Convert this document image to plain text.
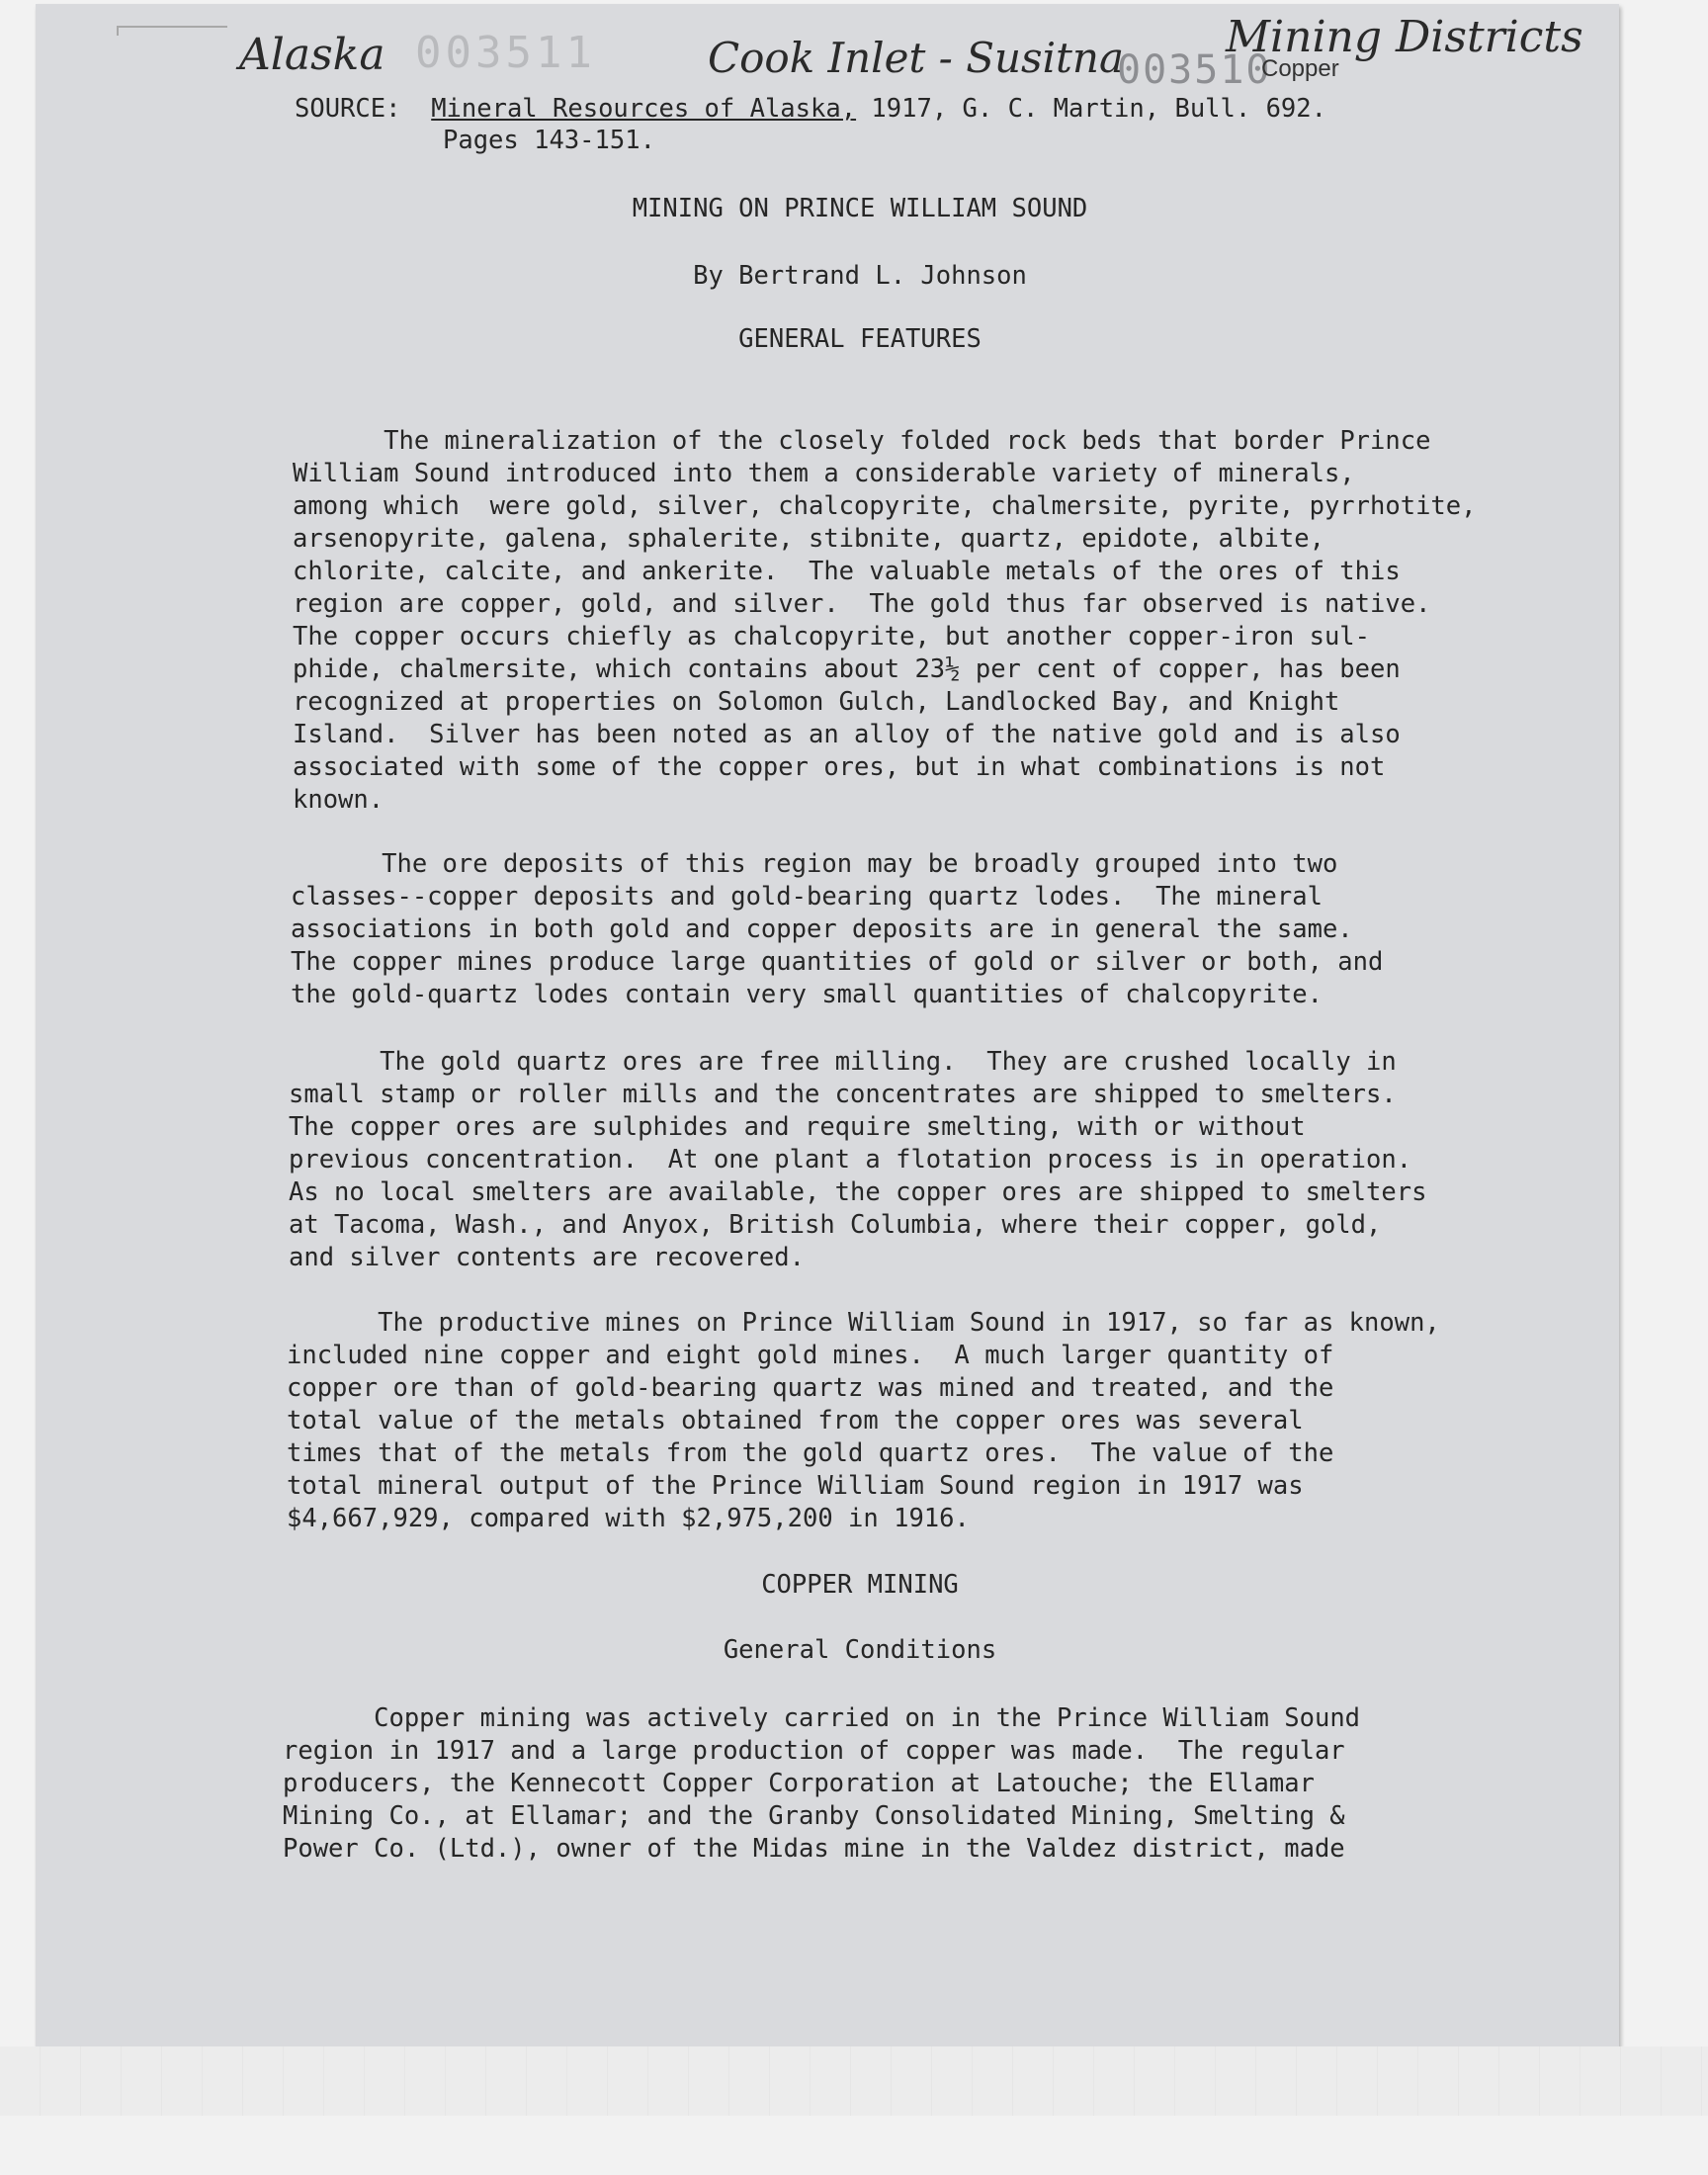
Alaska 003511	Cook Inlet - Susitna
003510
Mining Districts
Copper
SOURCE: Mineral Resources of Alaska, 1917, G. C. Martin, Bull. 692.
Pages 143-151.
MINING ON PRINCE WILLIAM SOUND
By Bertrand L. Johnson
GENERAL FEATURES
The mineralization of the closely folded rock beds that border Prince
William Sound introduced into them a considerable variety of minerals,
among which  were gold, silver, chalcopyrite, chalmersite, pyrite, pyrrhotite,
arsenopyrite, galena, sphalerite, stibnite, quartz, epidote, albite,
chlorite, calcite, and ankerite.  The valuable metals of the ores of this
region are copper, gold, and silver.  The gold thus far observed is native.
The copper occurs chiefly as chalcopyrite, but another copper-iron sul-
phide, chalmersite, which contains about 23½ per cent of copper, has been
recognized at properties on Solomon Gulch, Landlocked Bay, and Knight
Island.  Silver has been noted as an alloy of the native gold and is also
associated with some of the copper ores, but in what combinations is not
known.
The ore deposits of this region may be broadly grouped into two
classes--copper deposits and gold-bearing quartz lodes.  The mineral
associations in both gold and copper deposits are in general the same.
The copper mines produce large quantities of gold or silver or both, and
the gold-quartz lodes contain very small quantities of chalcopyrite.
The gold quartz ores are free milling.  They are crushed locally in
small stamp or roller mills and the concentrates are shipped to smelters.
The copper ores are sulphides and require smelting, with or without
previous concentration.  At one plant a flotation process is in operation.
As no local smelters are available, the copper ores are shipped to smelters
at Tacoma, Wash., and Anyox, British Columbia, where their copper, gold,
and silver contents are recovered.
The productive mines on Prince William Sound in 1917, so far as known,
included nine copper and eight gold mines.  A much larger quantity of
copper ore than of gold-bearing quartz was mined and treated, and the
total value of the metals obtained from the copper ores was several
times that of the metals from the gold quartz ores.  The value of the
total mineral output of the Prince William Sound region in 1917 was
$4,667,929, compared with $2,975,200 in 1916.
COPPER MINING
General Conditions
Copper mining was actively carried on in the Prince William Sound
region in 1917 and a large production of copper was made.  The regular
producers, the Kennecott Copper Corporation at Latouche; the Ellamar
Mining Co., at Ellamar; and the Granby Consolidated Mining, Smelting &
Power Co. (Ltd.), owner of the Midas mine in the Valdez district, made
